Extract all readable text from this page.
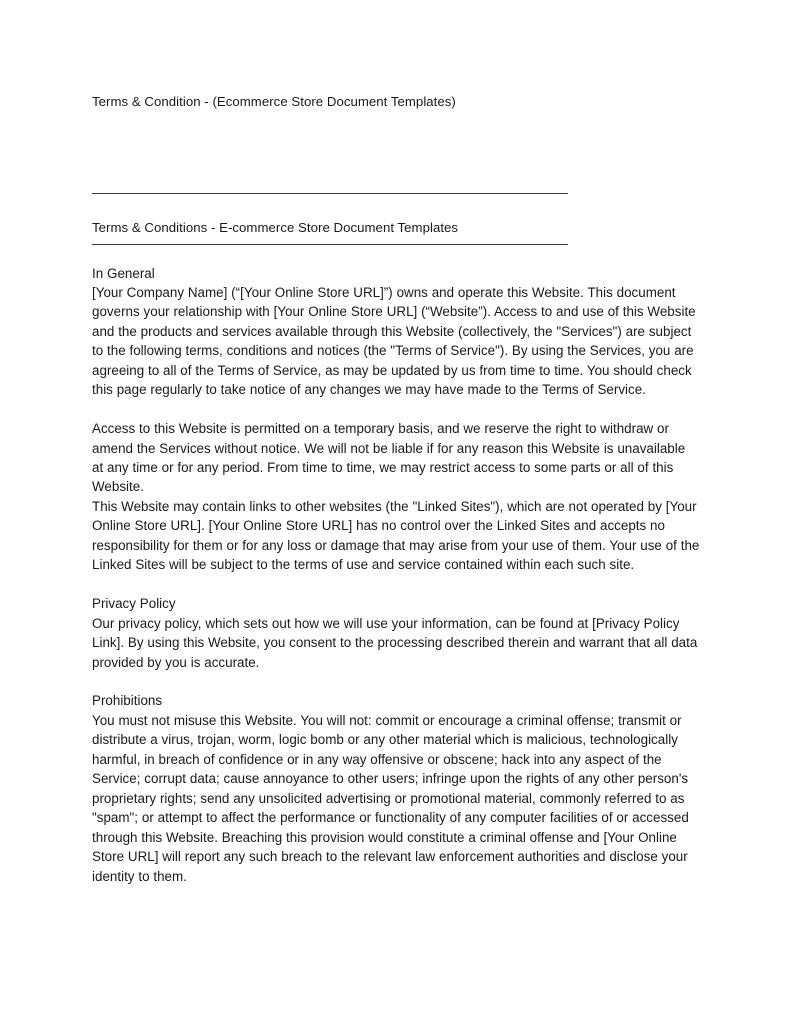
Terms & Condition - (Ecommerce Store Document Templates)
Terms & Conditions - E-commerce Store Document Templates
In General

[Your Company Name] (“[Your Online Store URL]”) owns and operate this Website. This document governs your relationship with [Your Online Store URL] (“Website”). Access to and use of this Website and the products and services available through this Website (collectively, the "Services") are subject to the following terms, conditions and notices (the "Terms of Service"). By using the Services, you are agreeing to all of the Terms of Service, as may be updated by us from time to time. You should check this page regularly to take notice of any changes we may have made to the Terms of Service.

Access to this Website is permitted on a temporary basis, and we reserve the right to withdraw or amend the Services without notice. We will not be liable if for any reason this Website is unavailable at any time or for any period. From time to time, we may restrict access to some parts or all of this Website.

This Website may contain links to other websites (the "Linked Sites"), which are not operated by [Your Online Store URL]. [Your Online Store URL] has no control over the Linked Sites and accepts no responsibility for them or for any loss or damage that may arise from your use of them. Your use of the Linked Sites will be subject to the terms of use and service contained within each such site.

Privacy Policy

Our privacy policy, which sets out how we will use your information, can be found at [Privacy Policy Link]. By using this Website, you consent to the processing described therein and warrant that all data provided by you is accurate.

Prohibitions

You must not misuse this Website. You will not: commit or encourage a criminal offense; transmit or distribute a virus, trojan, worm, logic bomb or any other material which is malicious, technologically harmful, in breach of confidence or in any way offensive or obscene; hack into any aspect of the Service; corrupt data; cause annoyance to other users; infringe upon the rights of any other person's proprietary rights; send any unsolicited advertising or promotional material, commonly referred to as "spam"; or attempt to affect the performance or functionality of any computer facilities of or accessed through this Website. Breaching this provision would constitute a criminal offense and [Your Online Store URL] will report any such breach to the relevant law enforcement authorities and disclose your identity to them.
